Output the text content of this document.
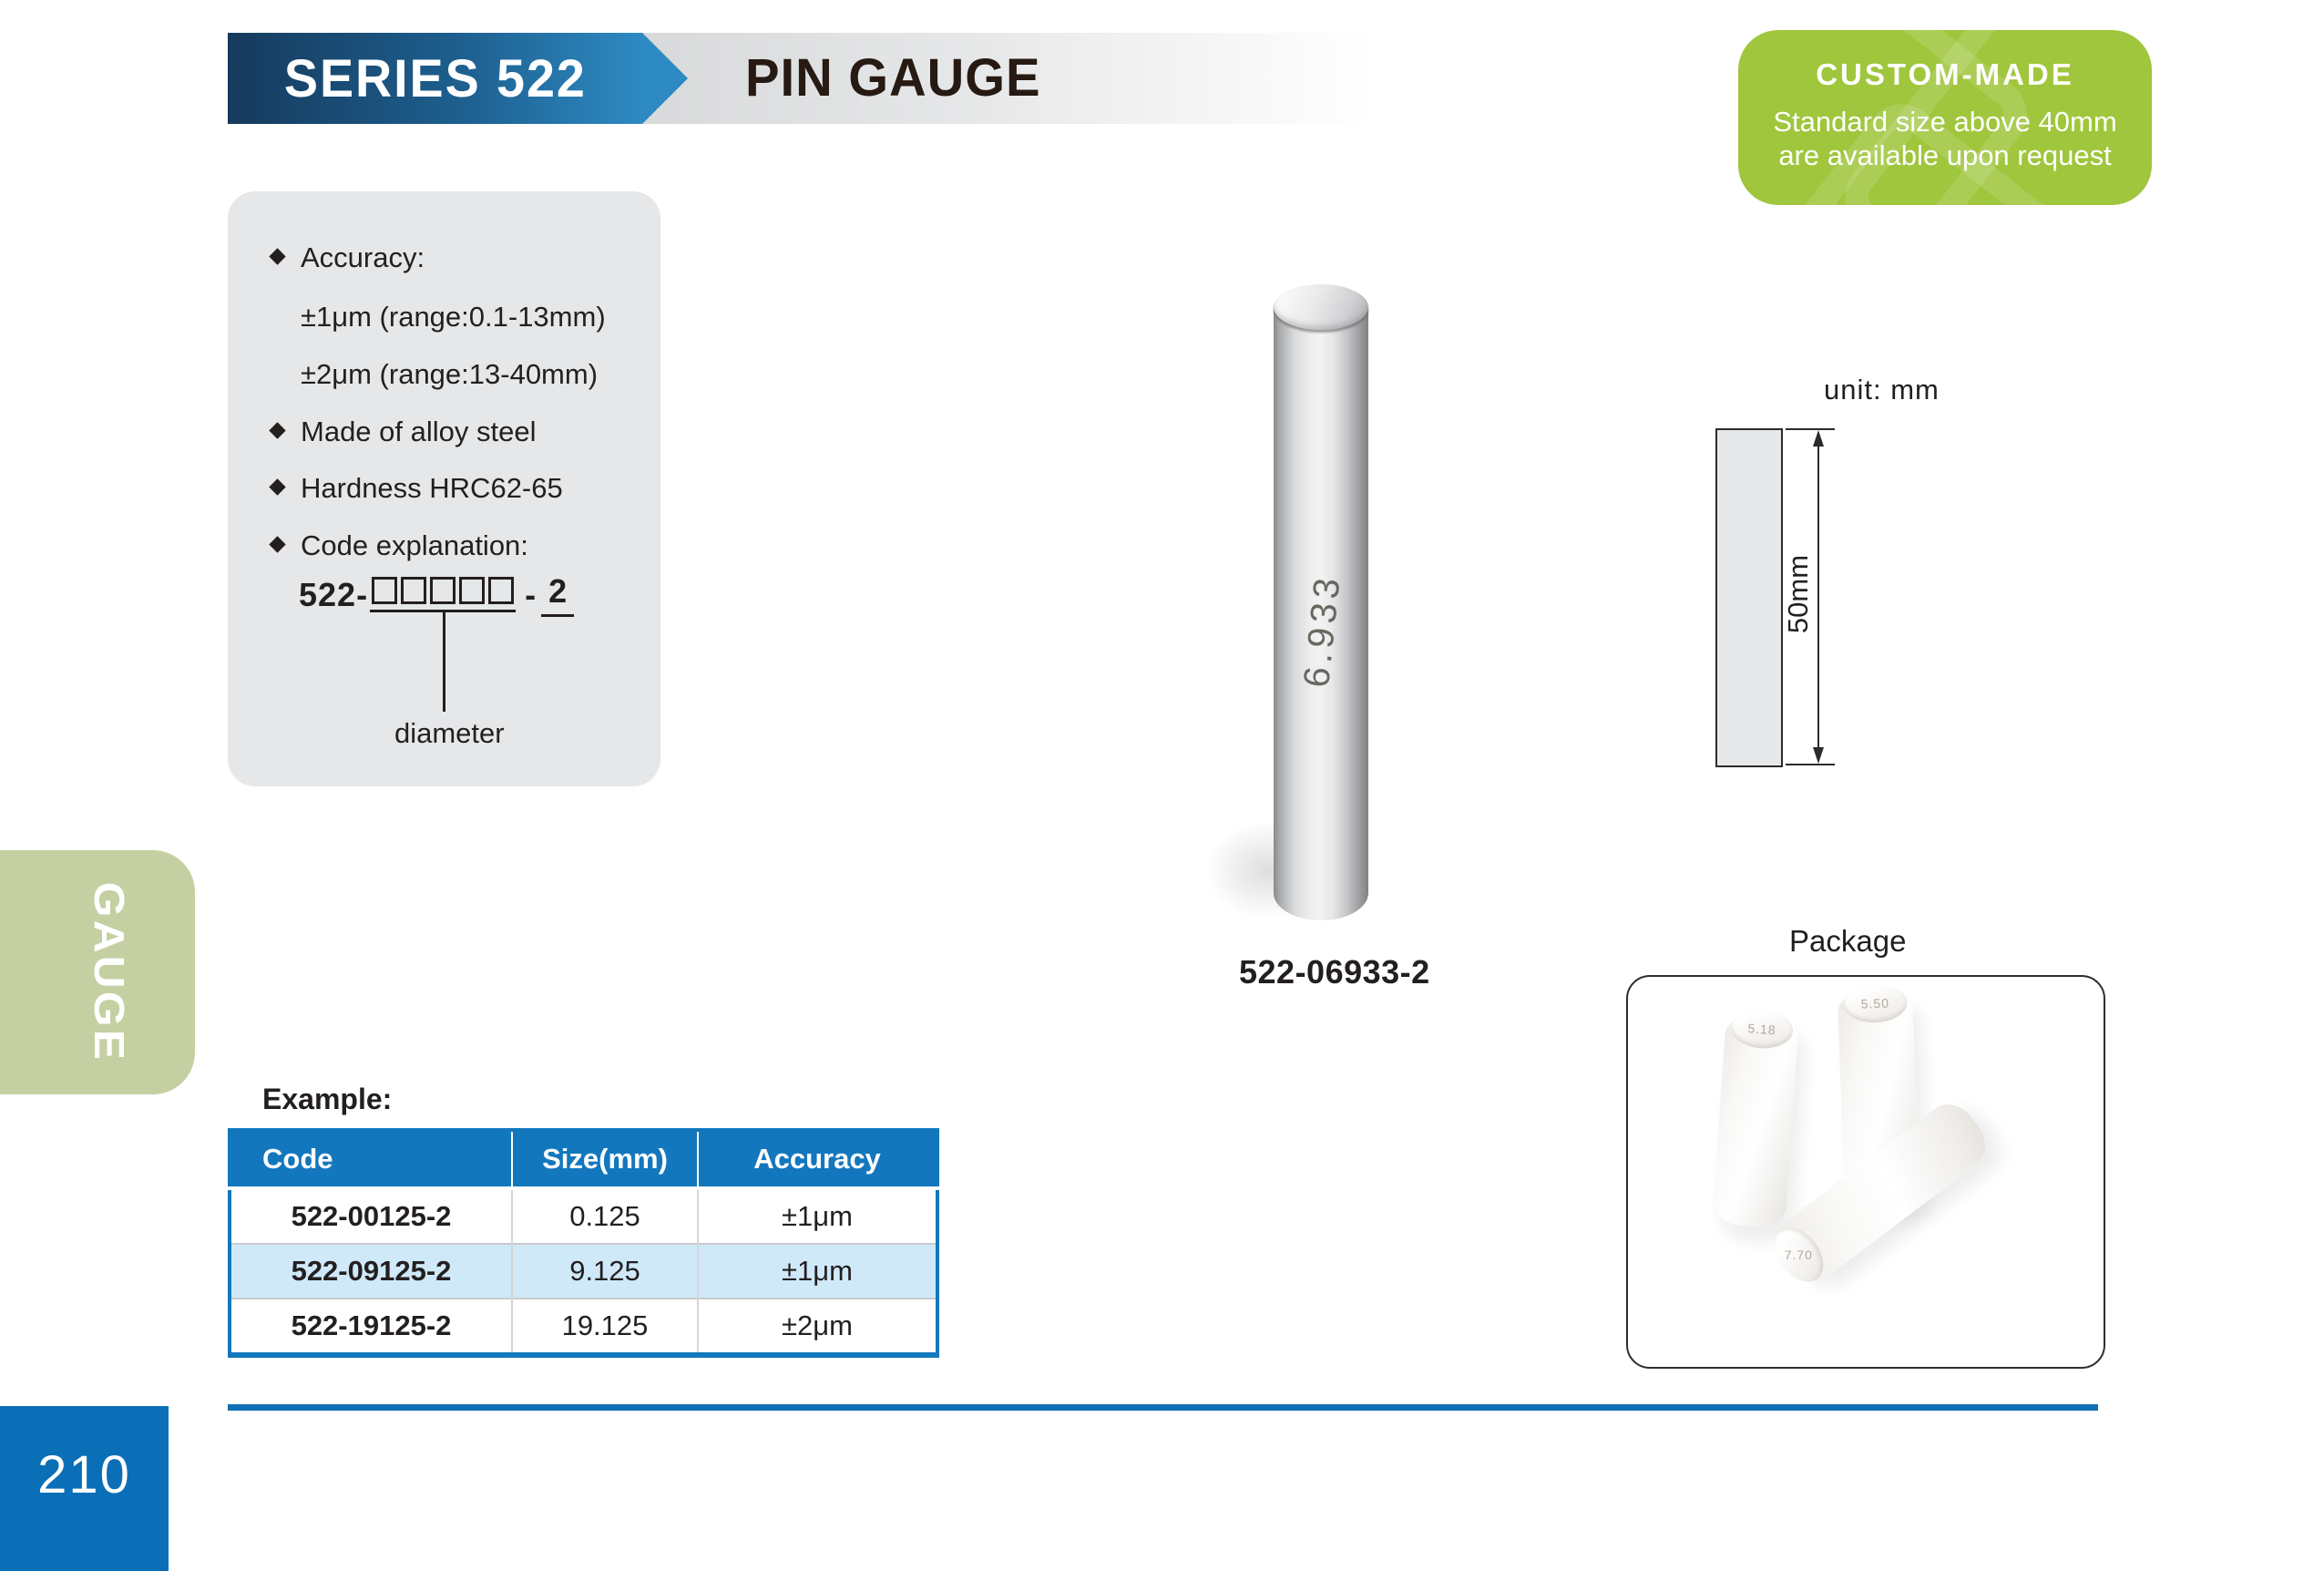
SERIES 522	PIN GAUGE	CUSTOM-MADE
Standard size above 40mm
are available upon request
Accuracy:
±1μm (range:0.1-13mm)
±2μm (range:13-40mm)
Made of alloy steel
Hardness HRC62-65
Code explanation:
522-
diameter
- 2	6.933
522-06933-2
unit: mm
50mm
Package
5.18
5.50
7.70
Example:
Code	Size(mm)	Accuracy
522-00125-2	0.125	±1μm
522-09125-2	9.125	±1μm
522-19125-2	19.125	±2μm
210
GAUGE
